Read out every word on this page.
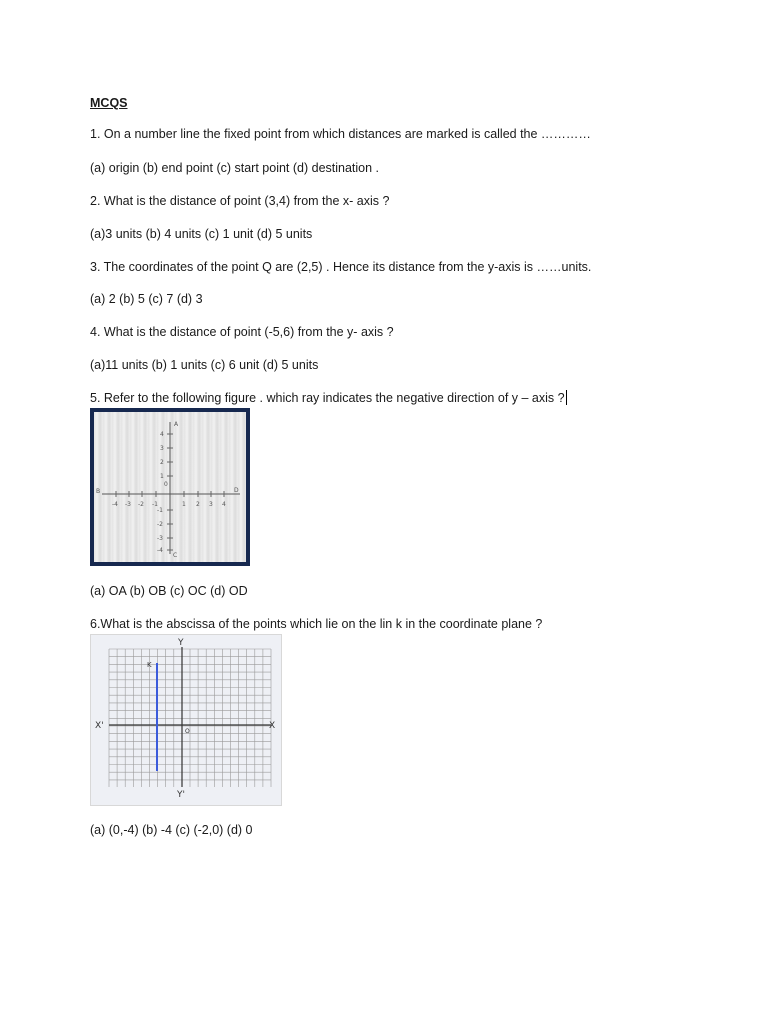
MCQS
1. On a number line the fixed point from which distances are marked is called the …………
(a) origin (b) end point (c) start point (d) destination .
2. What is the distance of point (3,4) from the x- axis ?
(a)3 units (b) 4 units (c) 1 unit (d) 5 units
3. The coordinates of the point Q are (2,5) . Hence its distance from the y-axis is ……units.
(a) 2 (b) 5 (c) 7 (d) 3
4. What is the distance of point (-5,6) from the y- axis ?
(a)11 units (b) 1 units (c) 6 unit (d) 5 units
5. Refer to the following figure . which ray indicates the negative direction of y – axis ?
A
B
C
D
0
4
3
2
1
-1
-2
-3
-4
-4 -3 -2 -1	1 2 3 4
(a) OA (b) OB (c) OC (d) OD
6.What is the abscissa of the points which lie on the lin k in the coordinate plane ?
X'	X
Y
Y'
K
O
(a) (0,-4) (b) -4 (c) (-2,0) (d) 0
